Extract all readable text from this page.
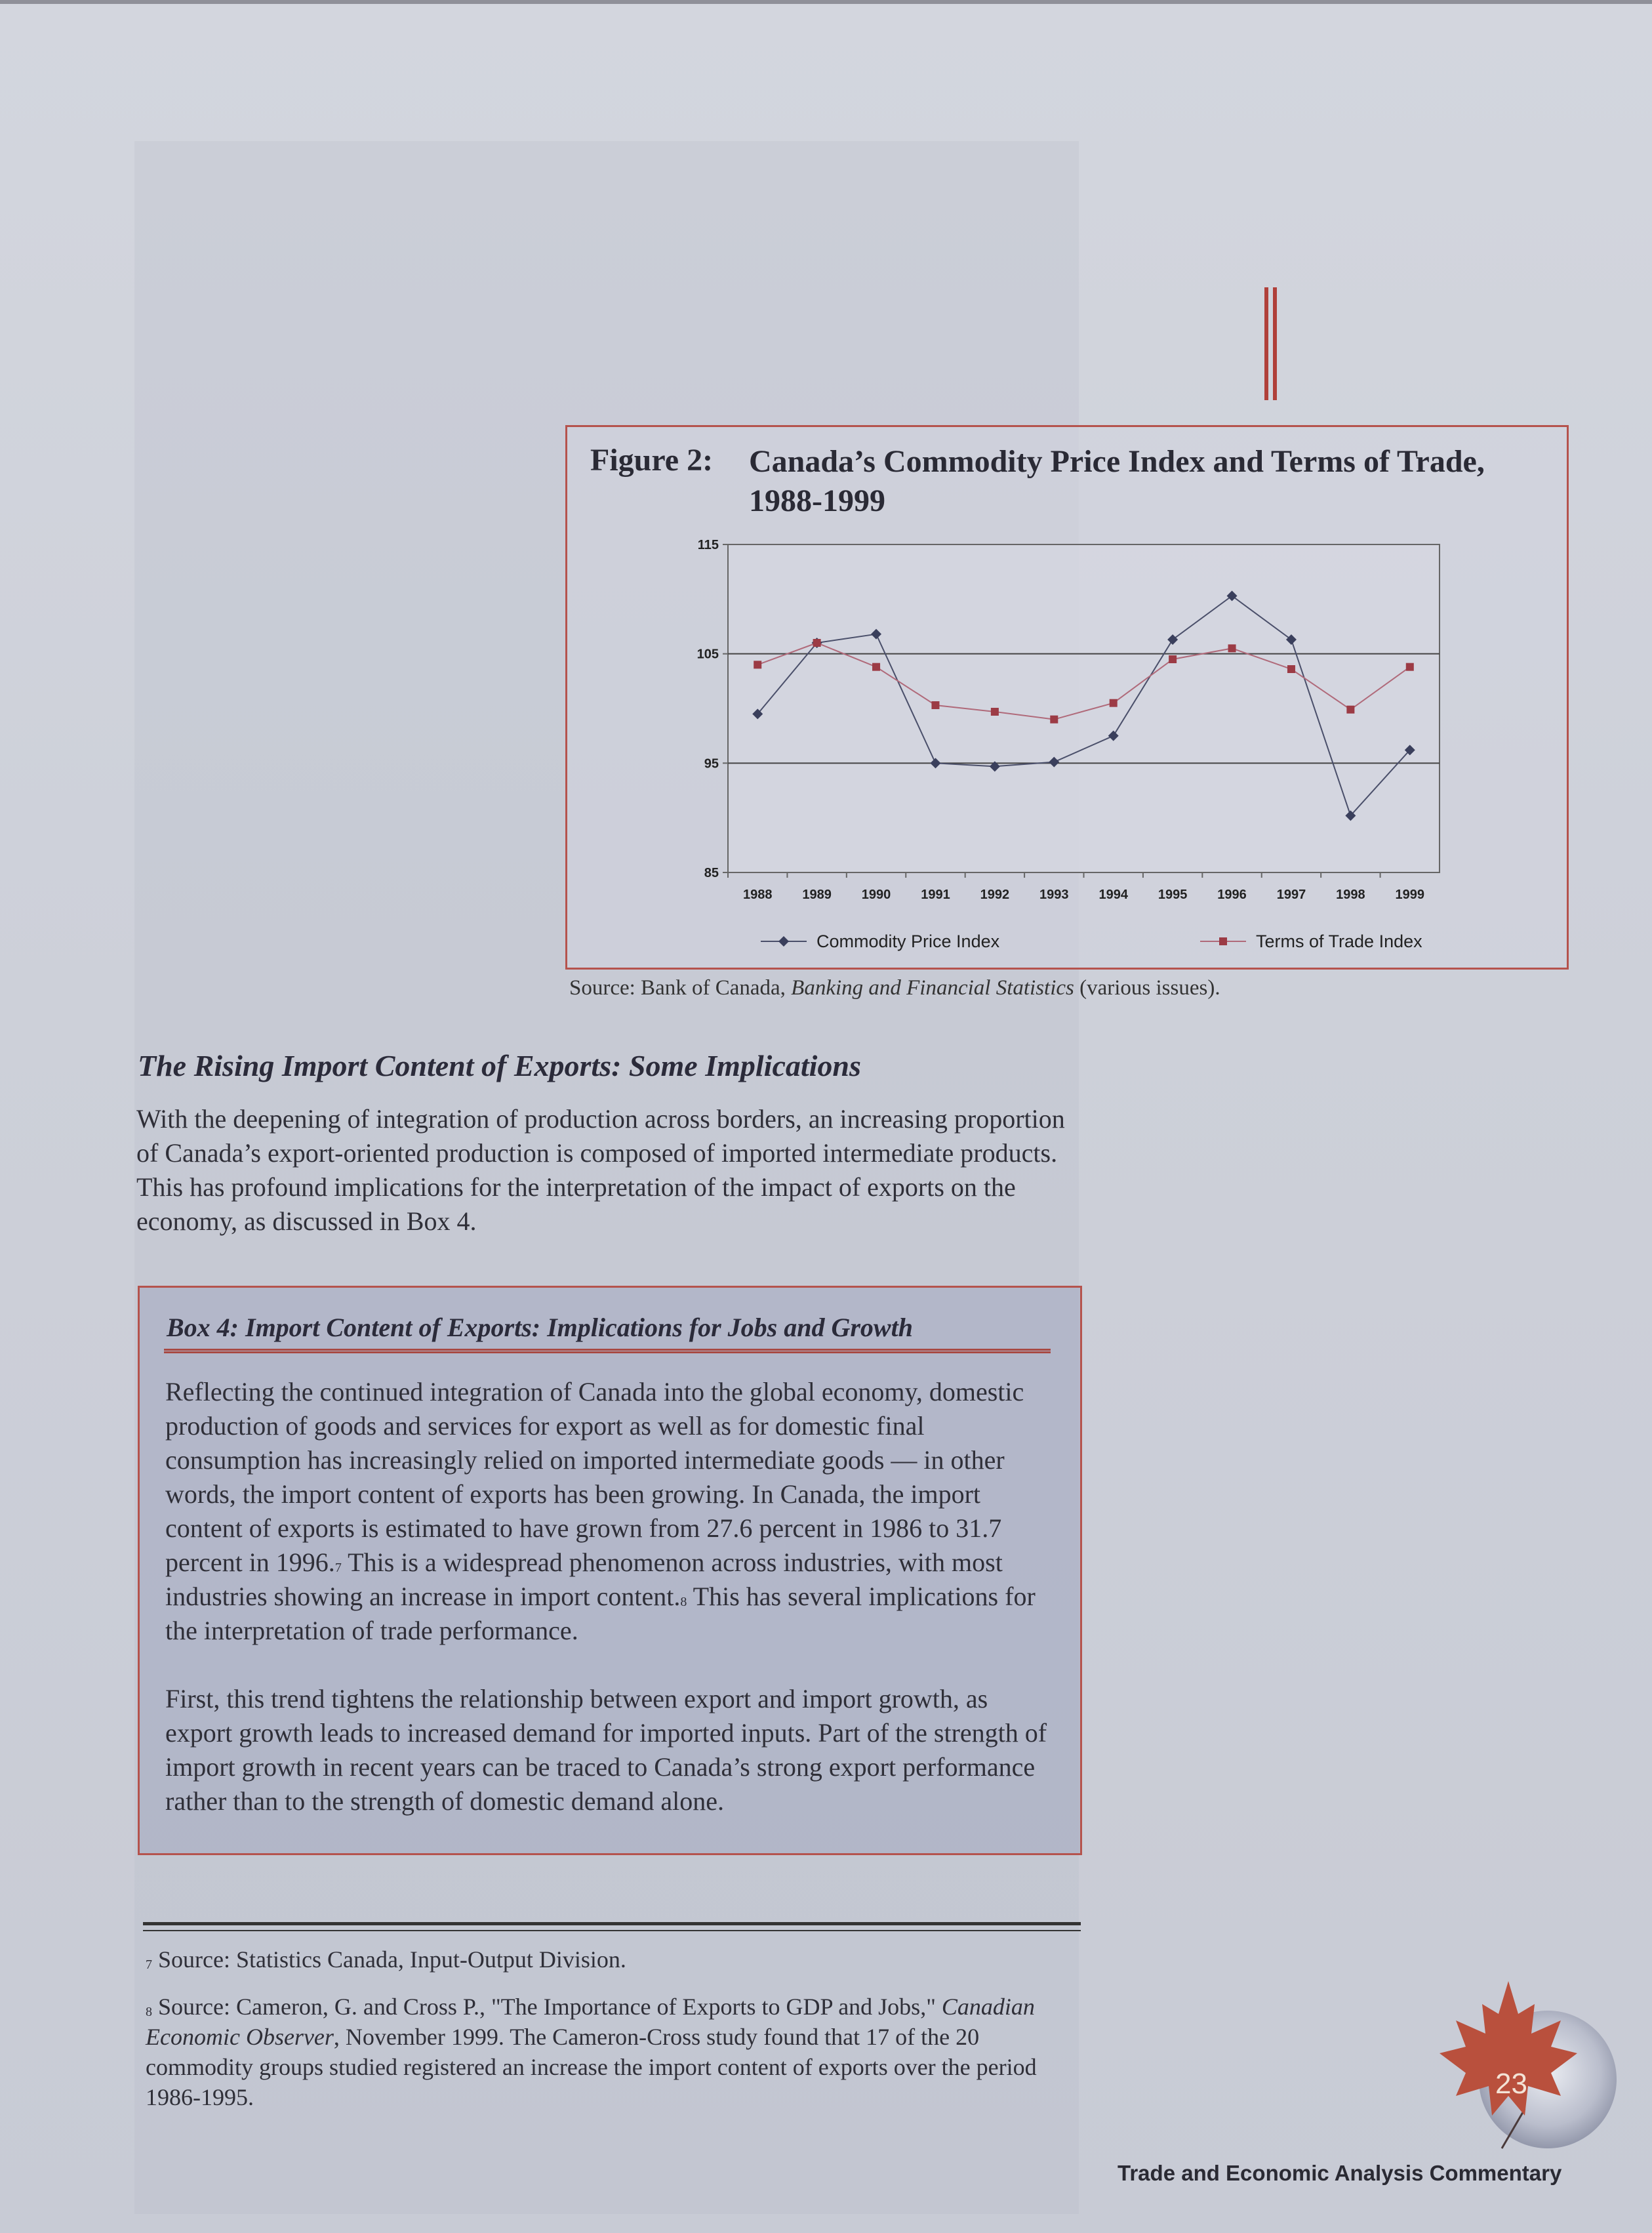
Figure 2: Canada’s Commodity Price Index and Terms of Trade, 1988-1999
115
105
95
85
1988 1989 1990 1991 1992 1993 1994 1995 1996 1997 1998 1999
Commodity Price Index	Terms of Trade Index
Source: Bank of Canada, Banking and Financial Statistics (various issues).
The Rising Import Content of Exports: Some Implications
With the deepening of integration of production across borders, an increasing proportion of Canada’s export-oriented production is composed of imported intermediate products. This has profound implications for the interpretation of the impact of exports on the economy, as discussed in Box 4.
Box 4: Import Content of Exports: Implications for Jobs and Growth
Reflecting the continued integration of Canada into the global economy, domestic production of goods and services for export as well as for domestic final consumption has increasingly relied on imported intermediate goods — in other words, the import content of exports has been growing. In Canada, the import content of exports is estimated to have grown from 27.6 percent in 1986 to 31.7 percent in 1996.$^7$ This is a widespread phenomenon across industries, with most industries showing an increase in import content.$^8$ This has several implications for the interpretation of trade performance.
First, this trend tightens the relationship between export and import growth, as export growth leads to increased demand for imported inputs. Part of the strength of import growth in recent years can be traced to Canada’s strong export performance rather than to the strength of domestic demand alone.
$^7$ Source: Statistics Canada, Input-Output Division.
$^8$ Source: Cameron, G. and Cross P., "The Importance of Exports to GDP and Jobs," Canadian Economic Observer, November 1999. The Cameron-Cross study found that 17 of the 20 commodity groups studied registered an increase the import content of exports over the period 1986-1995.	23
Trade and Economic Analysis Commentary
